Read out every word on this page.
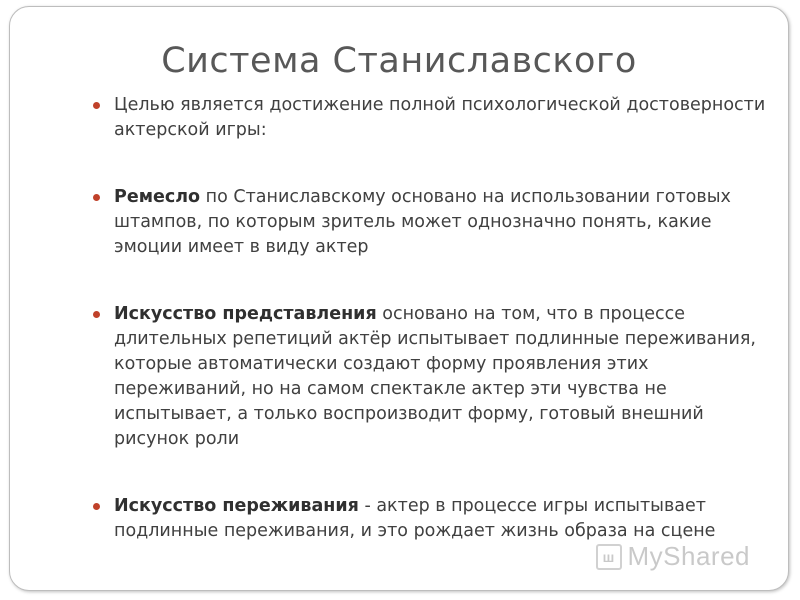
Система Станиславского
Целью является достижение полной психологической достоверности актерской игры:
Ремесло по Станиславскому основано на использовании готовых штампов, по которым зритель может однозначно понять, какие эмоции имеет в виду актер
Искусство представления основано на том, что в процессе длительных репетиций актёр испытывает подлинные переживания, которые автоматически создают форму проявления этих переживаний, но на самом спектакле актер эти чувства не испытывает, а только воспроизводит форму, готовый внешний рисунок роли
Искусство переживания - актер в процессе игры испытывает подлинные переживания, и это рождает жизнь образа на сцене
ш MyShared
